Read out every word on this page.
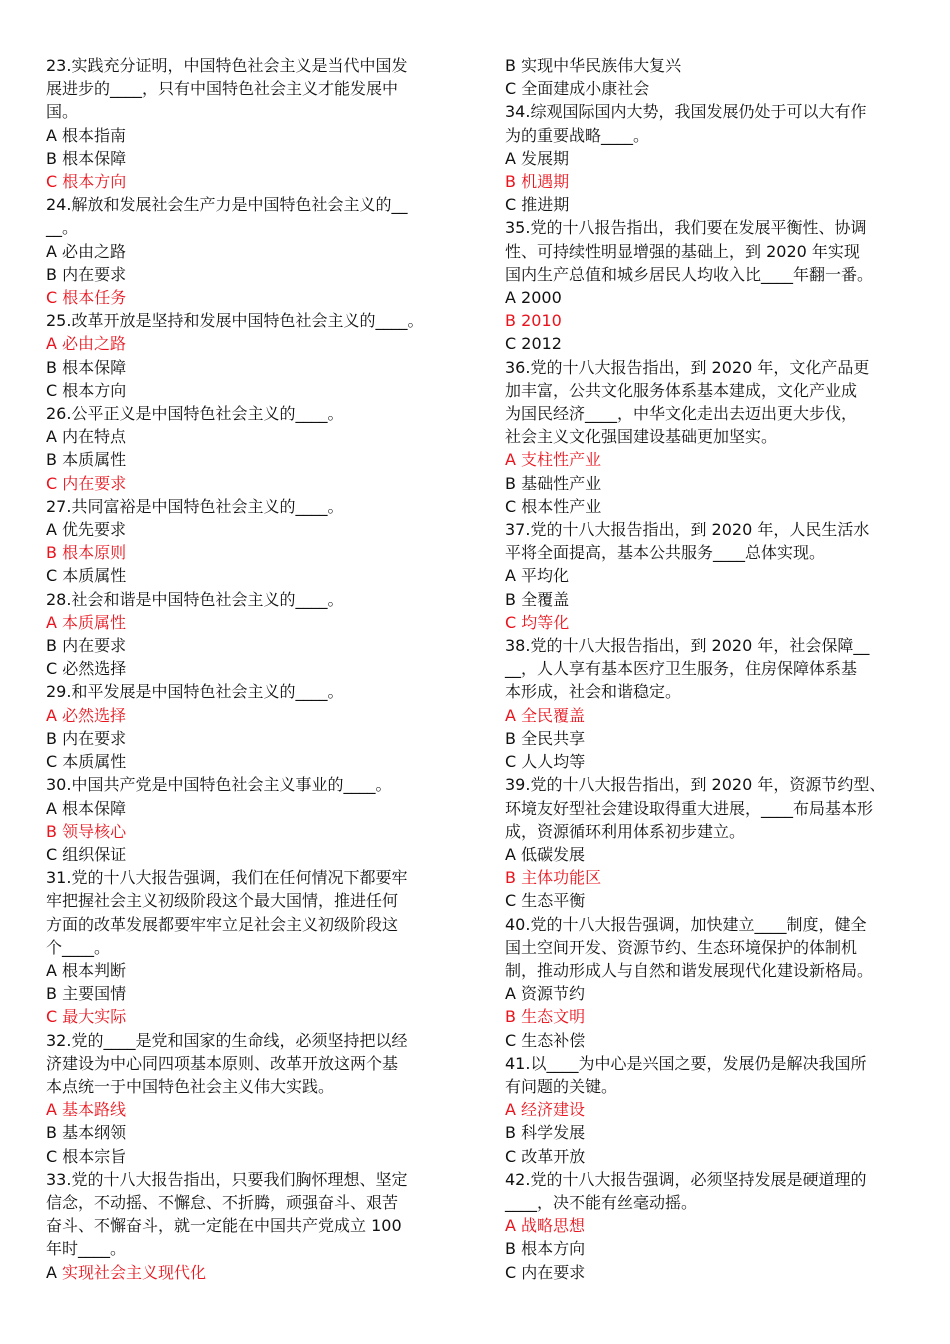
23.实践充分证明，中国特色社会主义是当代中国发
展进步的____，只有中国特色社会主义才能发展中
国。
A 根本指南
B 根本保障
C 根本方向
24.解放和发展社会生产力是中国特色社会主义的__
__。
A 必由之路
B 内在要求
C 根本任务
25.改革开放是坚持和发展中国特色社会主义的____。
A 必由之路
B 根本保障
C 根本方向
26.公平正义是中国特色社会主义的____。
A 内在特点
B 本质属性
C 内在要求
27.共同富裕是中国特色社会主义的____。
A 优先要求
B 根本原则
C 本质属性
28.社会和谐是中国特色社会主义的____。
A 本质属性
B 内在要求
C 必然选择
29.和平发展是中国特色社会主义的____。
A 必然选择
B 内在要求
C 本质属性
30.中国共产党是中国特色社会主义事业的____。
A 根本保障
B 领导核心
C 组织保证
31.党的十八大报告强调，我们在任何情况下都要牢
牢把握社会主义初级阶段这个最大国情，推进任何
方面的改革发展都要牢牢立足社会主义初级阶段这
个____。
A 根本判断
B 主要国情
C 最大实际
32.党的____是党和国家的生命线，必须坚持把以经
济建设为中心同四项基本原则、改革开放这两个基
本点统一于中国特色社会主义伟大实践。
A 基本路线
B 基本纲领
C 根本宗旨
33.党的十八大报告指出，只要我们胸怀理想、坚定
信念，不动摇、不懈怠、不折腾，顽强奋斗、艰苦
奋斗、不懈奋斗，就一定能在中国共产党成立 100
年时____。
A 实现社会主义现代化
B 实现中华民族伟大复兴
C 全面建成小康社会
34.综观国际国内大势，我国发展仍处于可以大有作
为的重要战略____。
A 发展期
B 机遇期
C 推进期
35.党的十八报告指出，我们要在发展平衡性、协调
性、可持续性明显增强的基础上，到 2020 年实现
国内生产总值和城乡居民人均收入比____年翻一番。
A 2000
B 2010
C 2012
36.党的十八大报告指出，到 2020 年，文化产品更
加丰富，公共文化服务体系基本建成，文化产业成
为国民经济____，中华文化走出去迈出更大步伐，
社会主义文化强国建设基础更加坚实。
A 支柱性产业
B 基础性产业
C 根本性产业
37.党的十八大报告指出，到 2020 年，人民生活水
平将全面提高，基本公共服务____总体实现。
A 平均化
B 全覆盖
C 均等化
38.党的十八大报告指出，到 2020 年，社会保障__
__，人人享有基本医疗卫生服务，住房保障体系基
本形成，社会和谐稳定。
A 全民覆盖
B 全民共享
C 人人均等
39.党的十八大报告指出，到 2020 年，资源节约型、
环境友好型社会建设取得重大进展，____布局基本形
成，资源循环利用体系初步建立。
A 低碳发展
B 主体功能区
C 生态平衡
40.党的十八大报告强调，加快建立____制度，健全
国土空间开发、资源节约、生态环境保护的体制机
制，推动形成人与自然和谐发展现代化建设新格局。
A 资源节约
B 生态文明
C 生态补偿
41.以____为中心是兴国之要，发展仍是解决我国所
有问题的关键。
A 经济建设
B 科学发展
C 改革开放
42.党的十八大报告强调，必须坚持发展是硬道理的
____，决不能有丝毫动摇。
A 战略思想
B 根本方向
C 内在要求
